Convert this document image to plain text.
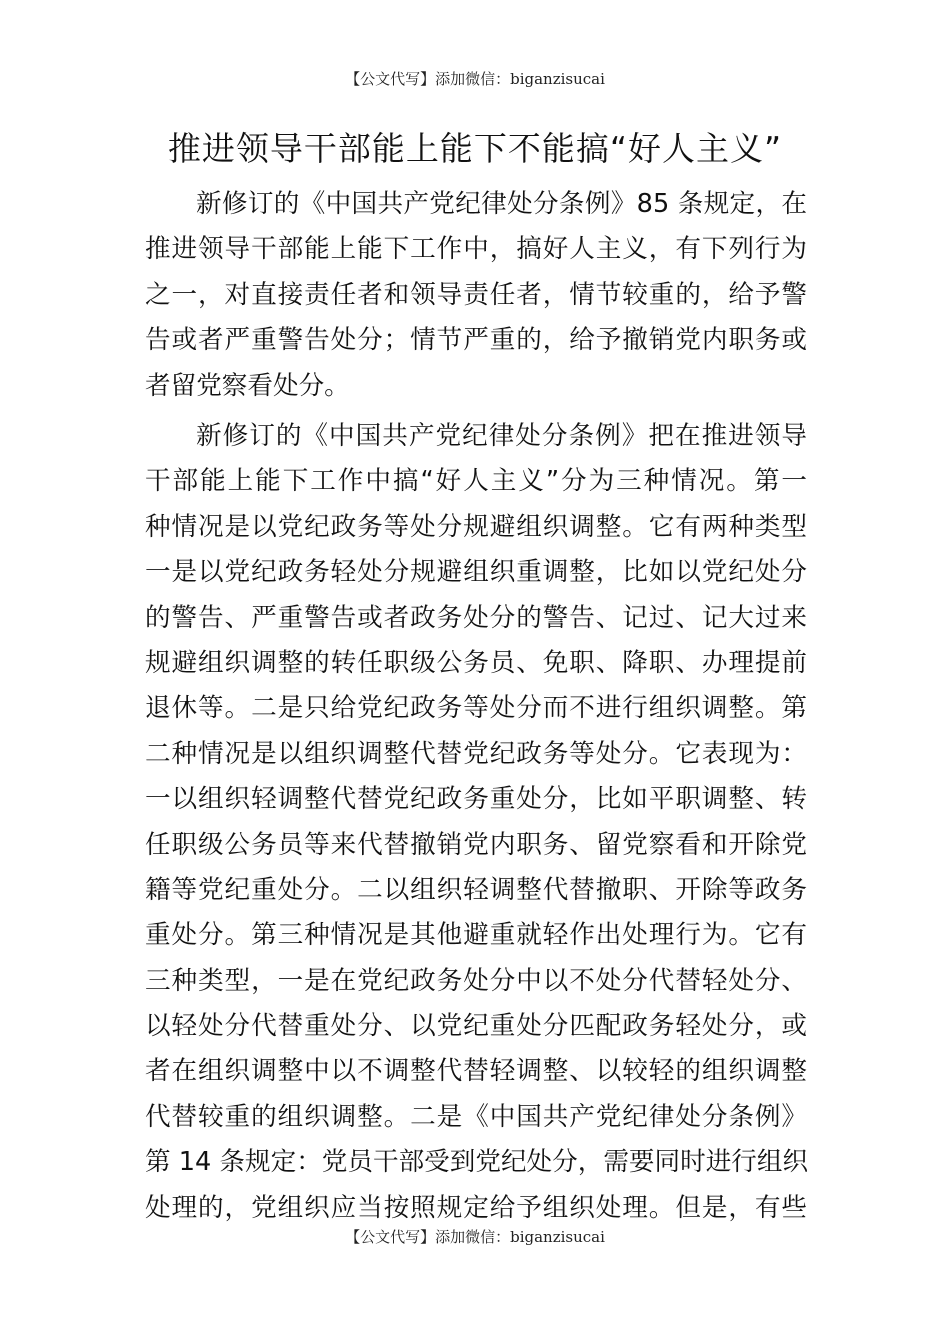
【公文代写】添加微信：biganzisucai
推进领导干部能上能下不能搞“好人主义”
新修订的《中国共产党纪律处分条例》85 条规定，在
推进领导干部能上能下工作中，搞好人主义，有下列行为
之一，对直接责任者和领导责任者，情节较重的，给予警
告或者严重警告处分；情节严重的，给予撤销党内职务或
者留党察看处分。
新修订的《中国共产党纪律处分条例》把在推进领导
干部能上能下工作中搞“好人主义”分为三种情况。第一
种情况是以党纪政务等处分规避组织调整。它有两种类型
一是以党纪政务轻处分规避组织重调整，比如以党纪处分
的警告、严重警告或者政务处分的警告、记过、记大过来
规避组织调整的转任职级公务员、免职、降职、办理提前
退休等。二是只给党纪政务等处分而不进行组织调整。第
二种情况是以组织调整代替党纪政务等处分。它表现为：
一以组织轻调整代替党纪政务重处分，比如平职调整、转
任职级公务员等来代替撤销党内职务、留党察看和开除党
籍等党纪重处分。二以组织轻调整代替撤职、开除等政务
重处分。第三种情况是其他避重就轻作出处理行为。它有
三种类型，一是在党纪政务处分中以不处分代替轻处分、
以轻处分代替重处分、以党纪重处分匹配政务轻处分，或
者在组织调整中以不调整代替轻调整、以较轻的组织调整
代替较重的组织调整。二是《中国共产党纪律处分条例》
第 14 条规定：党员干部受到党纪处分，需要同时进行组织
处理的，党组织应当按照规定给予组织处理。但是，有些
【公文代写】添加微信：biganzisucai
